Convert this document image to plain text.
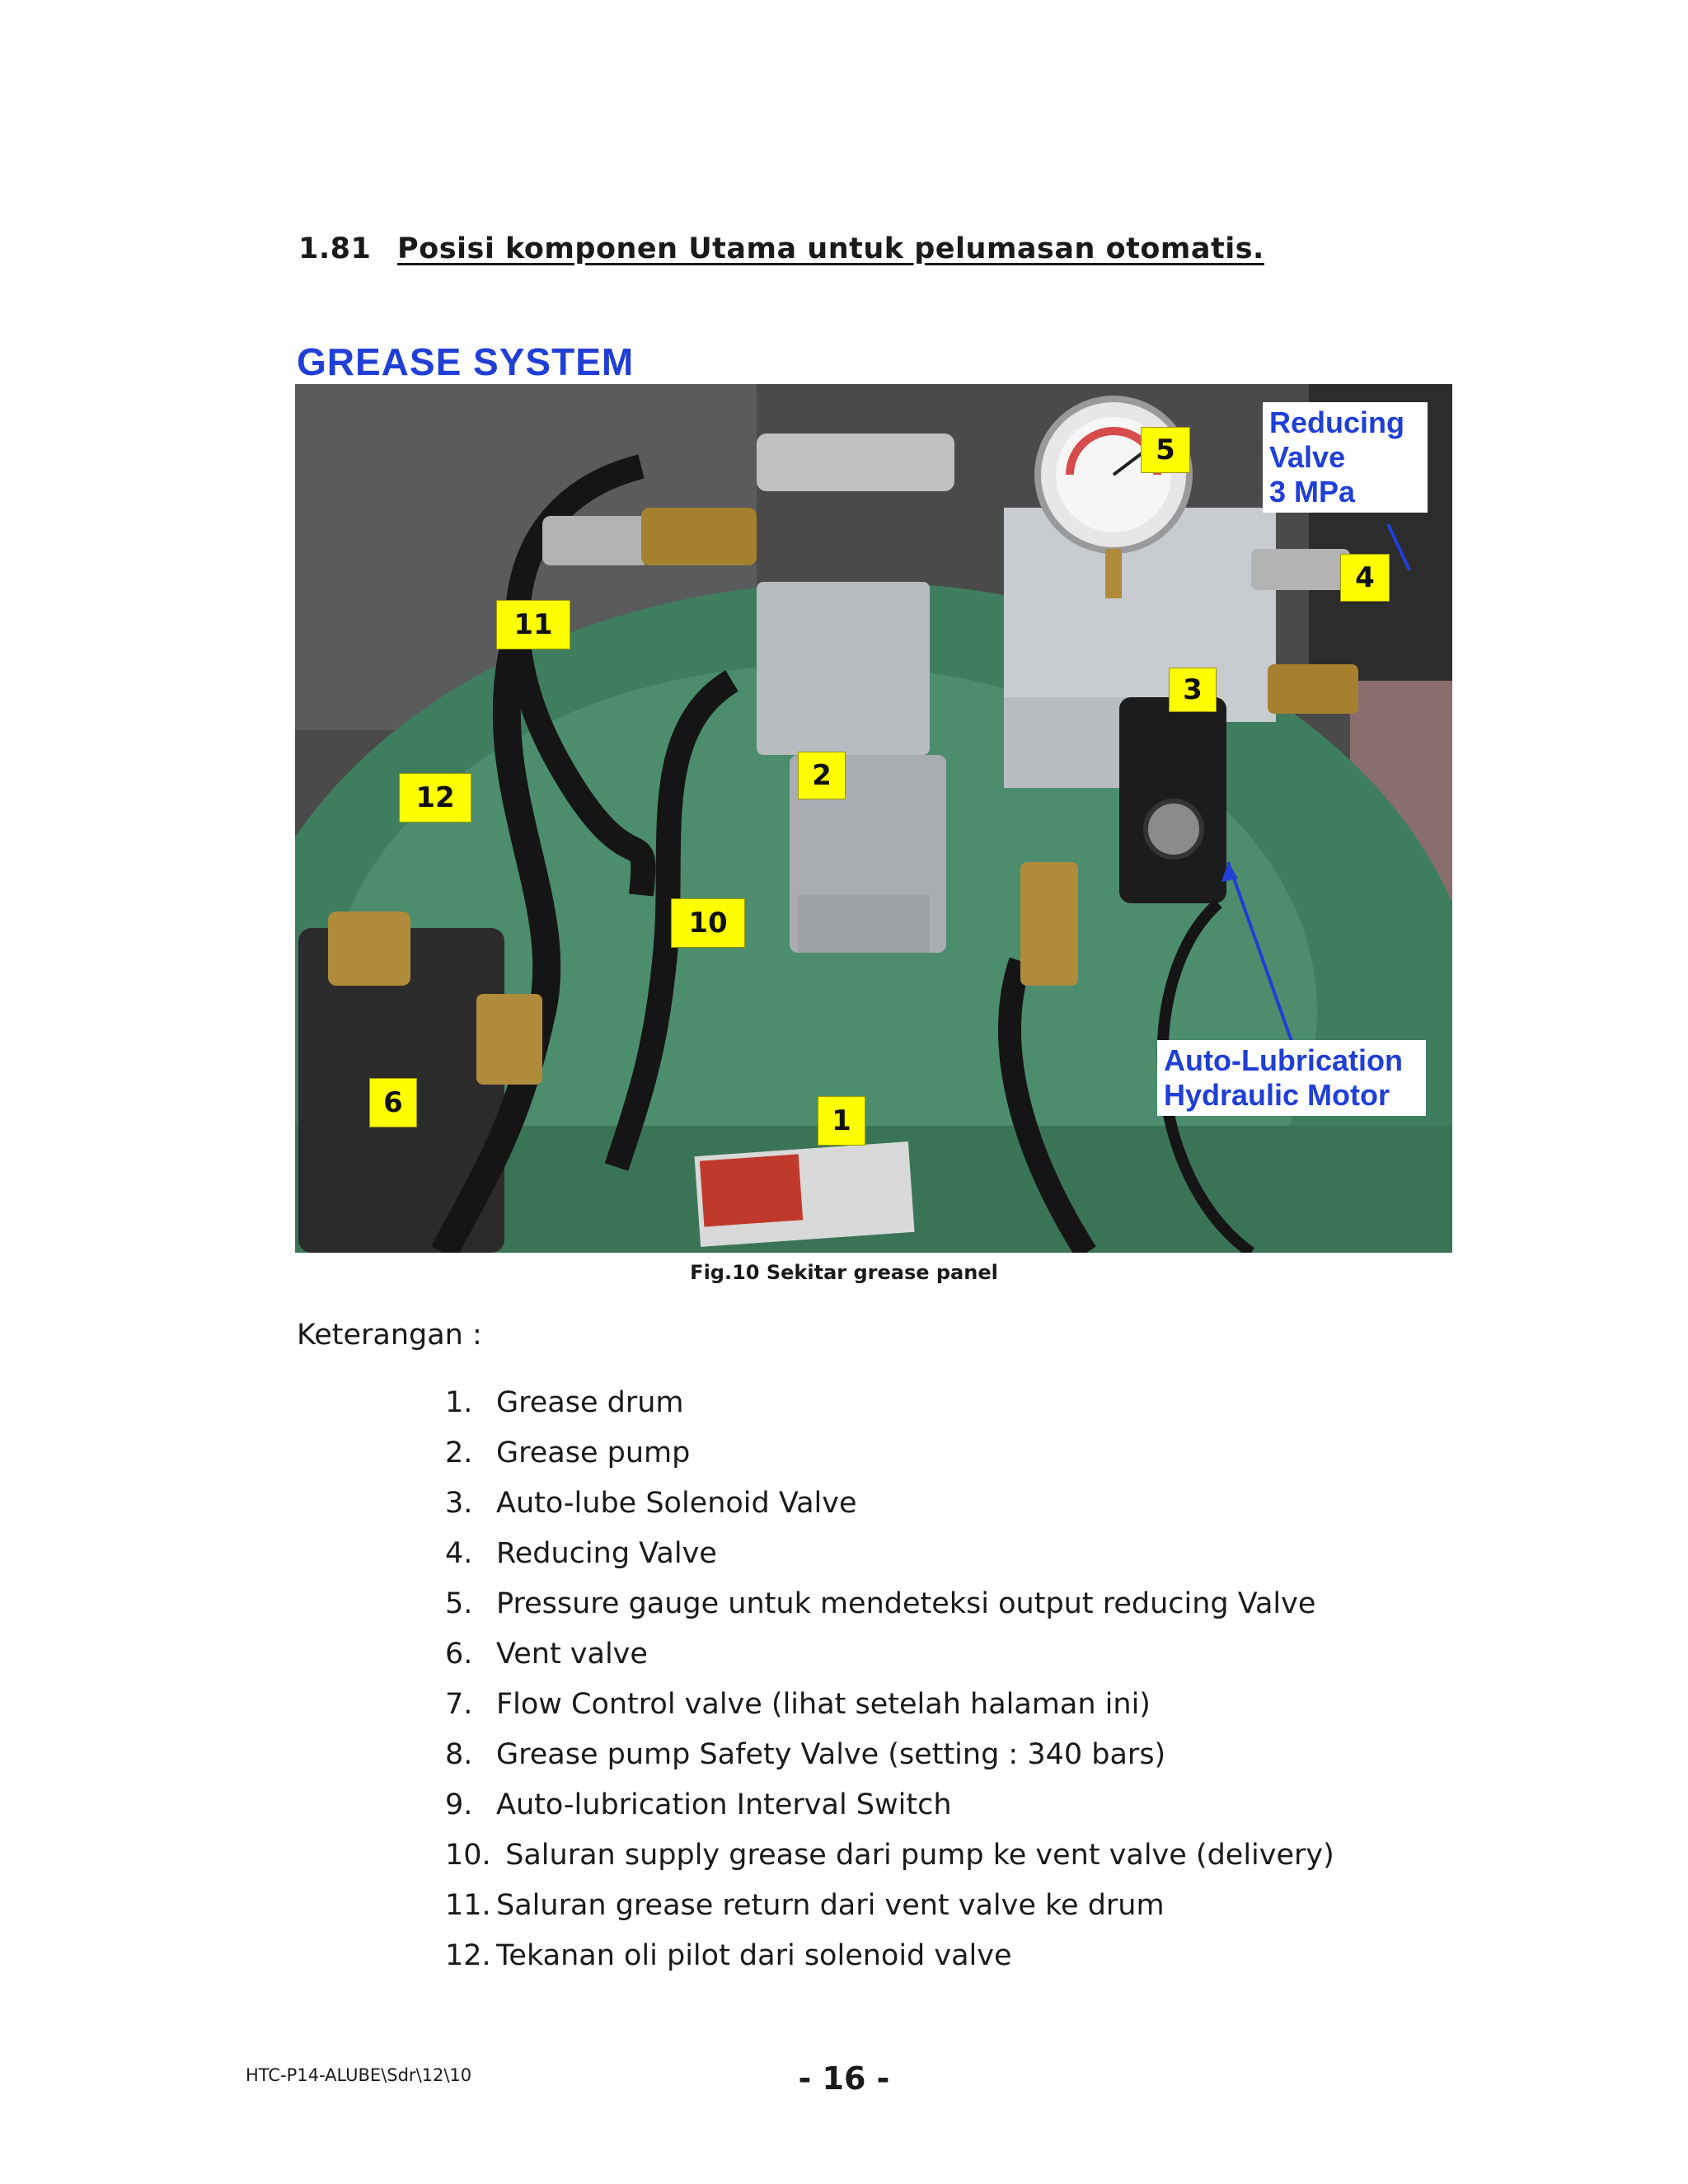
1.81 Posisi komponen Utama untuk pelumasan otomatis.
GREASE SYSTEM
5
4
3
2
11
12
10
6
1
Reducing
Valve
3 MPa
Auto-Lubrication
Hydraulic Motor
Fig.10 Sekitar grease panel
Keterangan :
1. Grease drum
2. Grease pump
3. Auto-lube Solenoid Valve
4. Reducing Valve
5. Pressure gauge untuk mendeteksi output reducing Valve
6. Vent valve
7. Flow Control valve (lihat setelah halaman ini)
8. Grease pump Safety Valve (setting : 340 bars)
9. Auto-lubrication Interval Switch
10. Saluran supply grease dari pump ke vent valve (delivery)
11. Saluran grease return dari vent valve ke drum
12. Tekanan oli pilot dari solenoid valve
HTC-P14-ALUBE\Sdr\12\10	- 16 -
